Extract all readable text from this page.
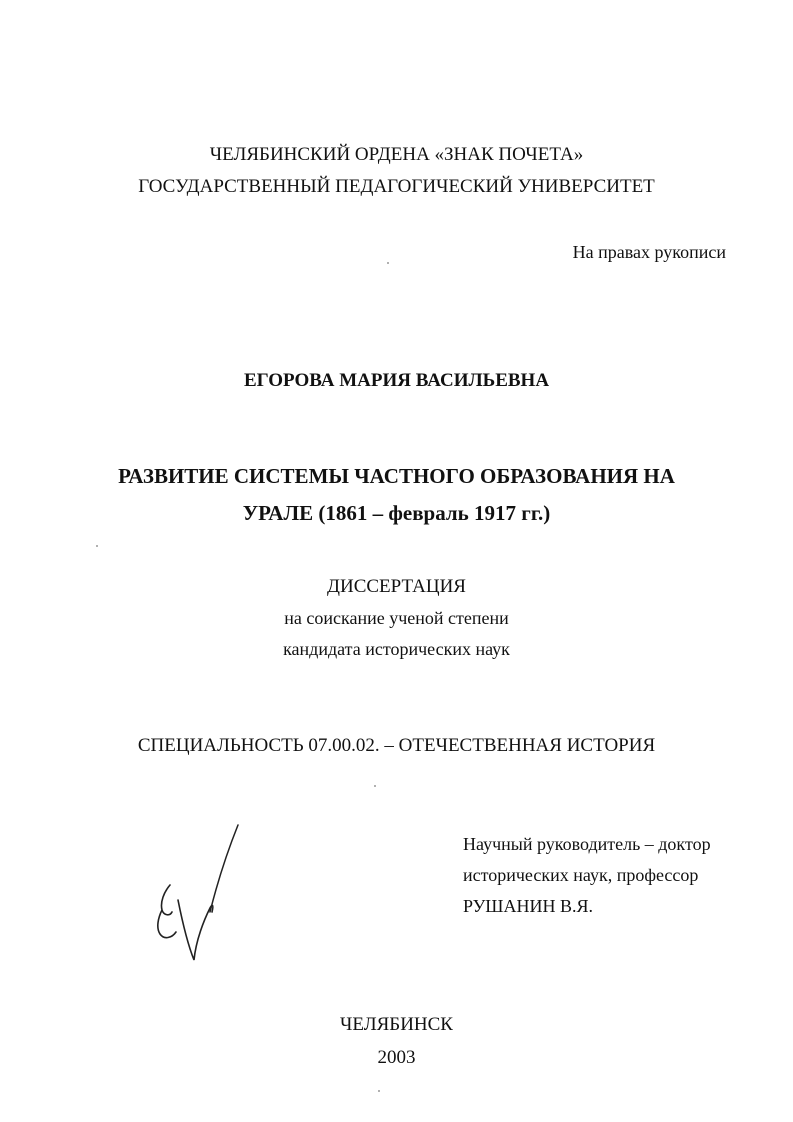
ЧЕЛЯБИНСКИЙ ОРДЕНА «ЗНАК ПОЧЕТА»
ГОСУДАРСТВЕННЫЙ ПЕДАГОГИЧЕСКИЙ УНИВЕРСИТЕТ
На правах рукописи
ЕГОРОВА МАРИЯ ВАСИЛЬЕВНА
РАЗВИТИЕ СИСТЕМЫ ЧАСТНОГО ОБРАЗОВАНИЯ НА
УРАЛЕ (1861 – февраль 1917 гг.)
ДИССЕРТАЦИЯ
на соискание ученой степени
кандидата исторических наук
СПЕЦИАЛЬНОСТЬ 07.00.02. – ОТЕЧЕСТВЕННАЯ ИСТОРИЯ
Научный руководитель – доктор
исторических наук, профессор
РУШАНИН В.Я.
ЧЕЛЯБИНСК
2003
